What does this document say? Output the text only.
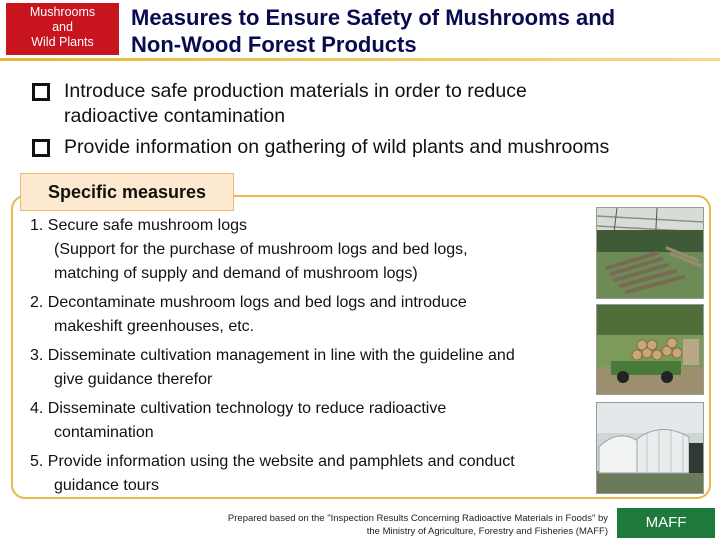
Mushrooms
and
Wild Plants
Measures to Ensure Safety of Mushrooms and
Non-Wood Forest Products
Introduce safe production materials in order to reduce
radioactive contamination
Provide information on gathering of wild plants and mushrooms
Specific measures
1. Secure safe mushroom logs
(Support for the purchase of mushroom logs and bed logs,
matching of supply and demand of mushroom logs)
2. Decontaminate mushroom logs and bed logs and introduce
makeshift greenhouses, etc.
3. Disseminate cultivation management in line with the guideline and
give guidance therefor
4. Disseminate cultivation technology to reduce radioactive
contamination
5. Provide information using the website and pamphlets and conduct
guidance tours
Prepared based on the "Inspection Results Concerning Radioactive Materials in Foods" by
the Ministry of Agriculture, Forestry and Fisheries (MAFF)
MAFF
